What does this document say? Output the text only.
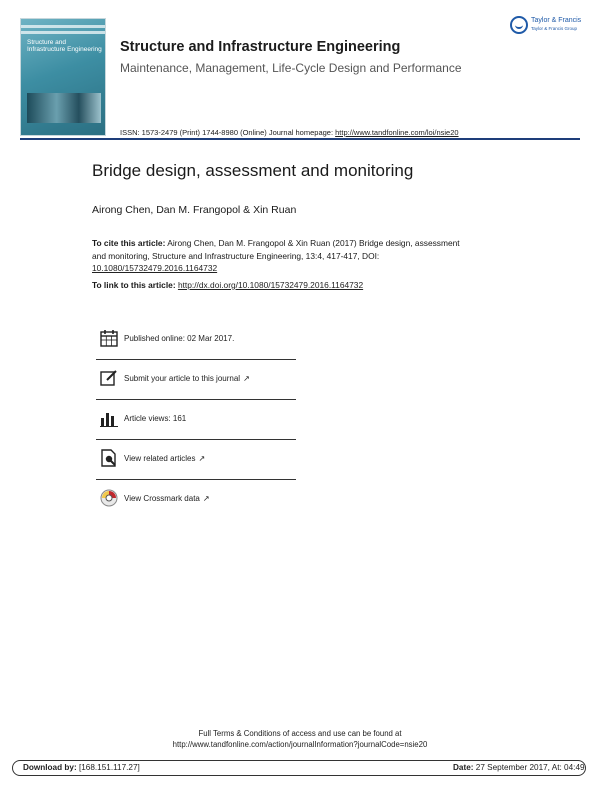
Structure and
Infrastructure Engineering Structure and Infrastructure Engineering
Maintenance, Management, Life-Cycle Design and Performance
Taylor & Francis
Taylor & Francis Group
ISSN: 1573-2479 (Print) 1744-8980 (Online) Journal homepage: http://www.tandfonline.com/loi/nsie20
Bridge design, assessment and monitoring
Airong Chen, Dan M. Frangopol & Xin Ruan
To cite this article: Airong Chen, Dan M. Frangopol & Xin Ruan (2017) Bridge design, assessment and monitoring, Structure and Infrastructure Engineering, 13:4, 417-417, DOI: 10.1080/15732479.2016.1164732
To link to this article: http://dx.doi.org/10.1080/15732479.2016.1164732
Published online: 02 Mar 2017.
Submit your article to this journal ↗
Article views: 161
View related articles ↗
View Crossmark data ↗
Full Terms & Conditions of access and use can be found at
http://www.tandfonline.com/action/journalInformation?journalCode=nsie20
Download by: [168.151.117.27]	Date: 27 September 2017, At: 04:49
